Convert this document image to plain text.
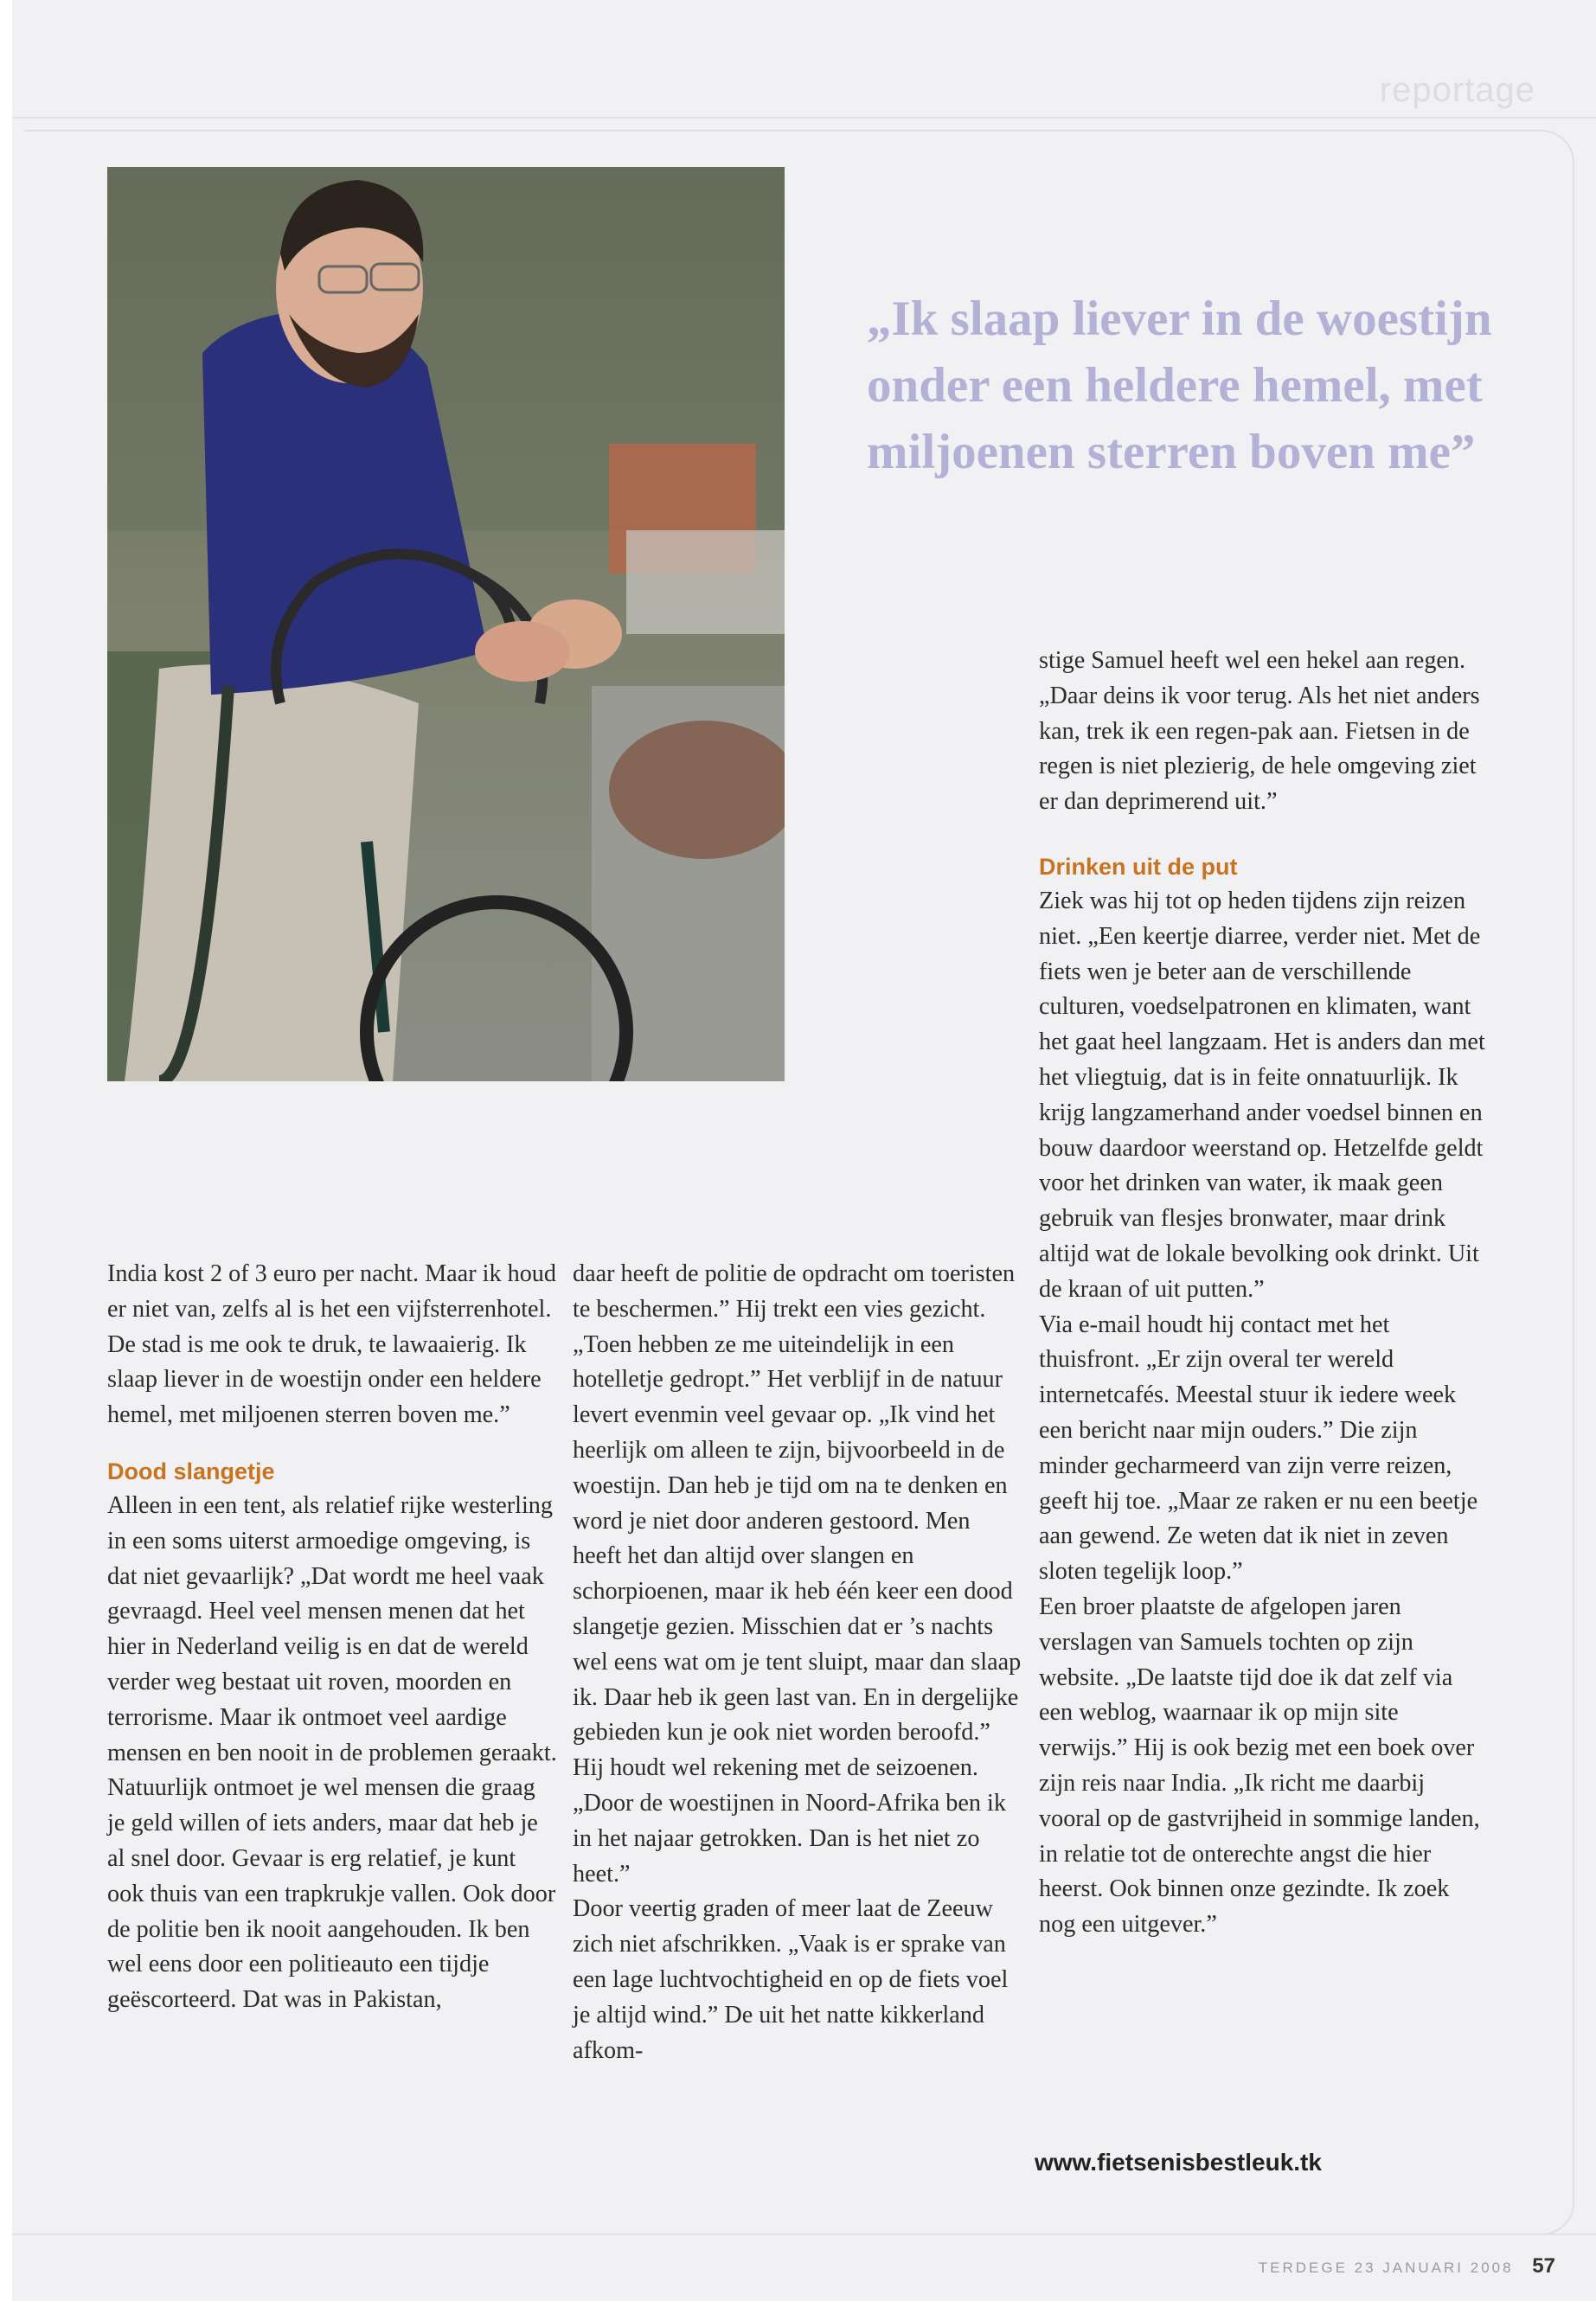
reportage
„Ik slaap liever in de woestijn onder een heldere hemel, met miljoenen sterren boven me”

India kost 2 of 3 euro per nacht. Maar ik houd er niet van, zelfs al is het een vijfsterrenhotel. De stad is me ook te druk, te lawaaierig. Ik slaap liever in de woestijn onder een heldere hemel, met miljoenen sterren boven me.”

Dood slangetje

Alleen in een tent, als relatief rijke westerling in een soms uiterst armoedige omgeving, is dat niet gevaarlijk? „Dat wordt me heel vaak gevraagd. Heel veel mensen menen dat het hier in Nederland veilig is en dat de wereld verder weg bestaat uit roven, moorden en terrorisme. Maar ik ontmoet veel aardige mensen en ben nooit in de problemen geraakt. Natuurlijk ontmoet je wel mensen die graag je geld willen of iets anders, maar dat heb je al snel door. Gevaar is erg relatief, je kunt ook thuis van een trapkrukje vallen. Ook door de politie ben ik nooit aangehouden. Ik ben wel eens door een politieauto een tijdje geëscorteerd. Dat was in Pakistan,

daar heeft de politie de opdracht om toeristen te beschermen.” Hij trekt een vies gezicht. „Toen hebben ze me uiteindelijk in een hotelletje gedropt.” Het verblijf in de natuur levert evenmin veel gevaar op. „Ik vind het heerlijk om alleen te zijn, bijvoorbeeld in de woestijn. Dan heb je tijd om na te denken en word je niet door anderen gestoord. Men heeft het dan altijd over slangen en schorpioenen, maar ik heb één keer een dood slangetje gezien. Misschien dat er ’s nachts wel eens wat om je tent sluipt, maar dan slaap ik. Daar heb ik geen last van. En in dergelijke gebieden kun je ook niet worden beroofd.”

Hij houdt wel rekening met de seizoenen. „Door de woestijnen in Noord-Afrika ben ik in het najaar getrokken. Dan is het niet zo heet.”

Door veertig graden of meer laat de Zeeuw zich niet afschrikken. „Vaak is er sprake van een lage luchtvochtigheid en op de fiets voel je altijd wind.” De uit het natte kikkerland afkom-

stige Samuel heeft wel een hekel aan regen. „Daar deins ik voor terug. Als het niet anders kan, trek ik een regen-pak aan. Fietsen in de regen is niet plezierig, de hele omgeving ziet er dan deprimerend uit.”

Drinken uit de put

Ziek was hij tot op heden tijdens zijn reizen niet. „Een keertje diarree, verder niet. Met de fiets wen je beter aan de verschillende culturen, voedselpatronen en klimaten, want het gaat heel langzaam. Het is anders dan met het vliegtuig, dat is in feite onnatuurlijk. Ik krijg langzamerhand ander voedsel binnen en bouw daardoor weerstand op. Hetzelfde geldt voor het drinken van water, ik maak geen gebruik van flesjes bronwater, maar drink altijd wat de lokale bevolking ook drinkt. Uit de kraan of uit putten.”

Via e-mail houdt hij contact met het thuisfront. „Er zijn overal ter wereld internetcafés. Meestal stuur ik iedere week een bericht naar mijn ouders.” Die zijn minder gecharmeerd van zijn verre reizen, geeft hij toe. „Maar ze raken er nu een beetje aan gewend. Ze weten dat ik niet in zeven sloten tegelijk loop.”

Een broer plaatste de afgelopen jaren verslagen van Samuels tochten op zijn website. „De laatste tijd doe ik dat zelf via een weblog, waarnaar ik op mijn site verwijs.” Hij is ook bezig met een boek over zijn reis naar India. „Ik richt me daarbij vooral op de gastvrijheid in sommige landen, in relatie tot de onterechte angst die hier heerst. Ook binnen onze gezindte. Ik zoek nog een uitgever.”

www.fietsenisbestleuk.tk
TERDEGE 23 JANUARI 2008 57
